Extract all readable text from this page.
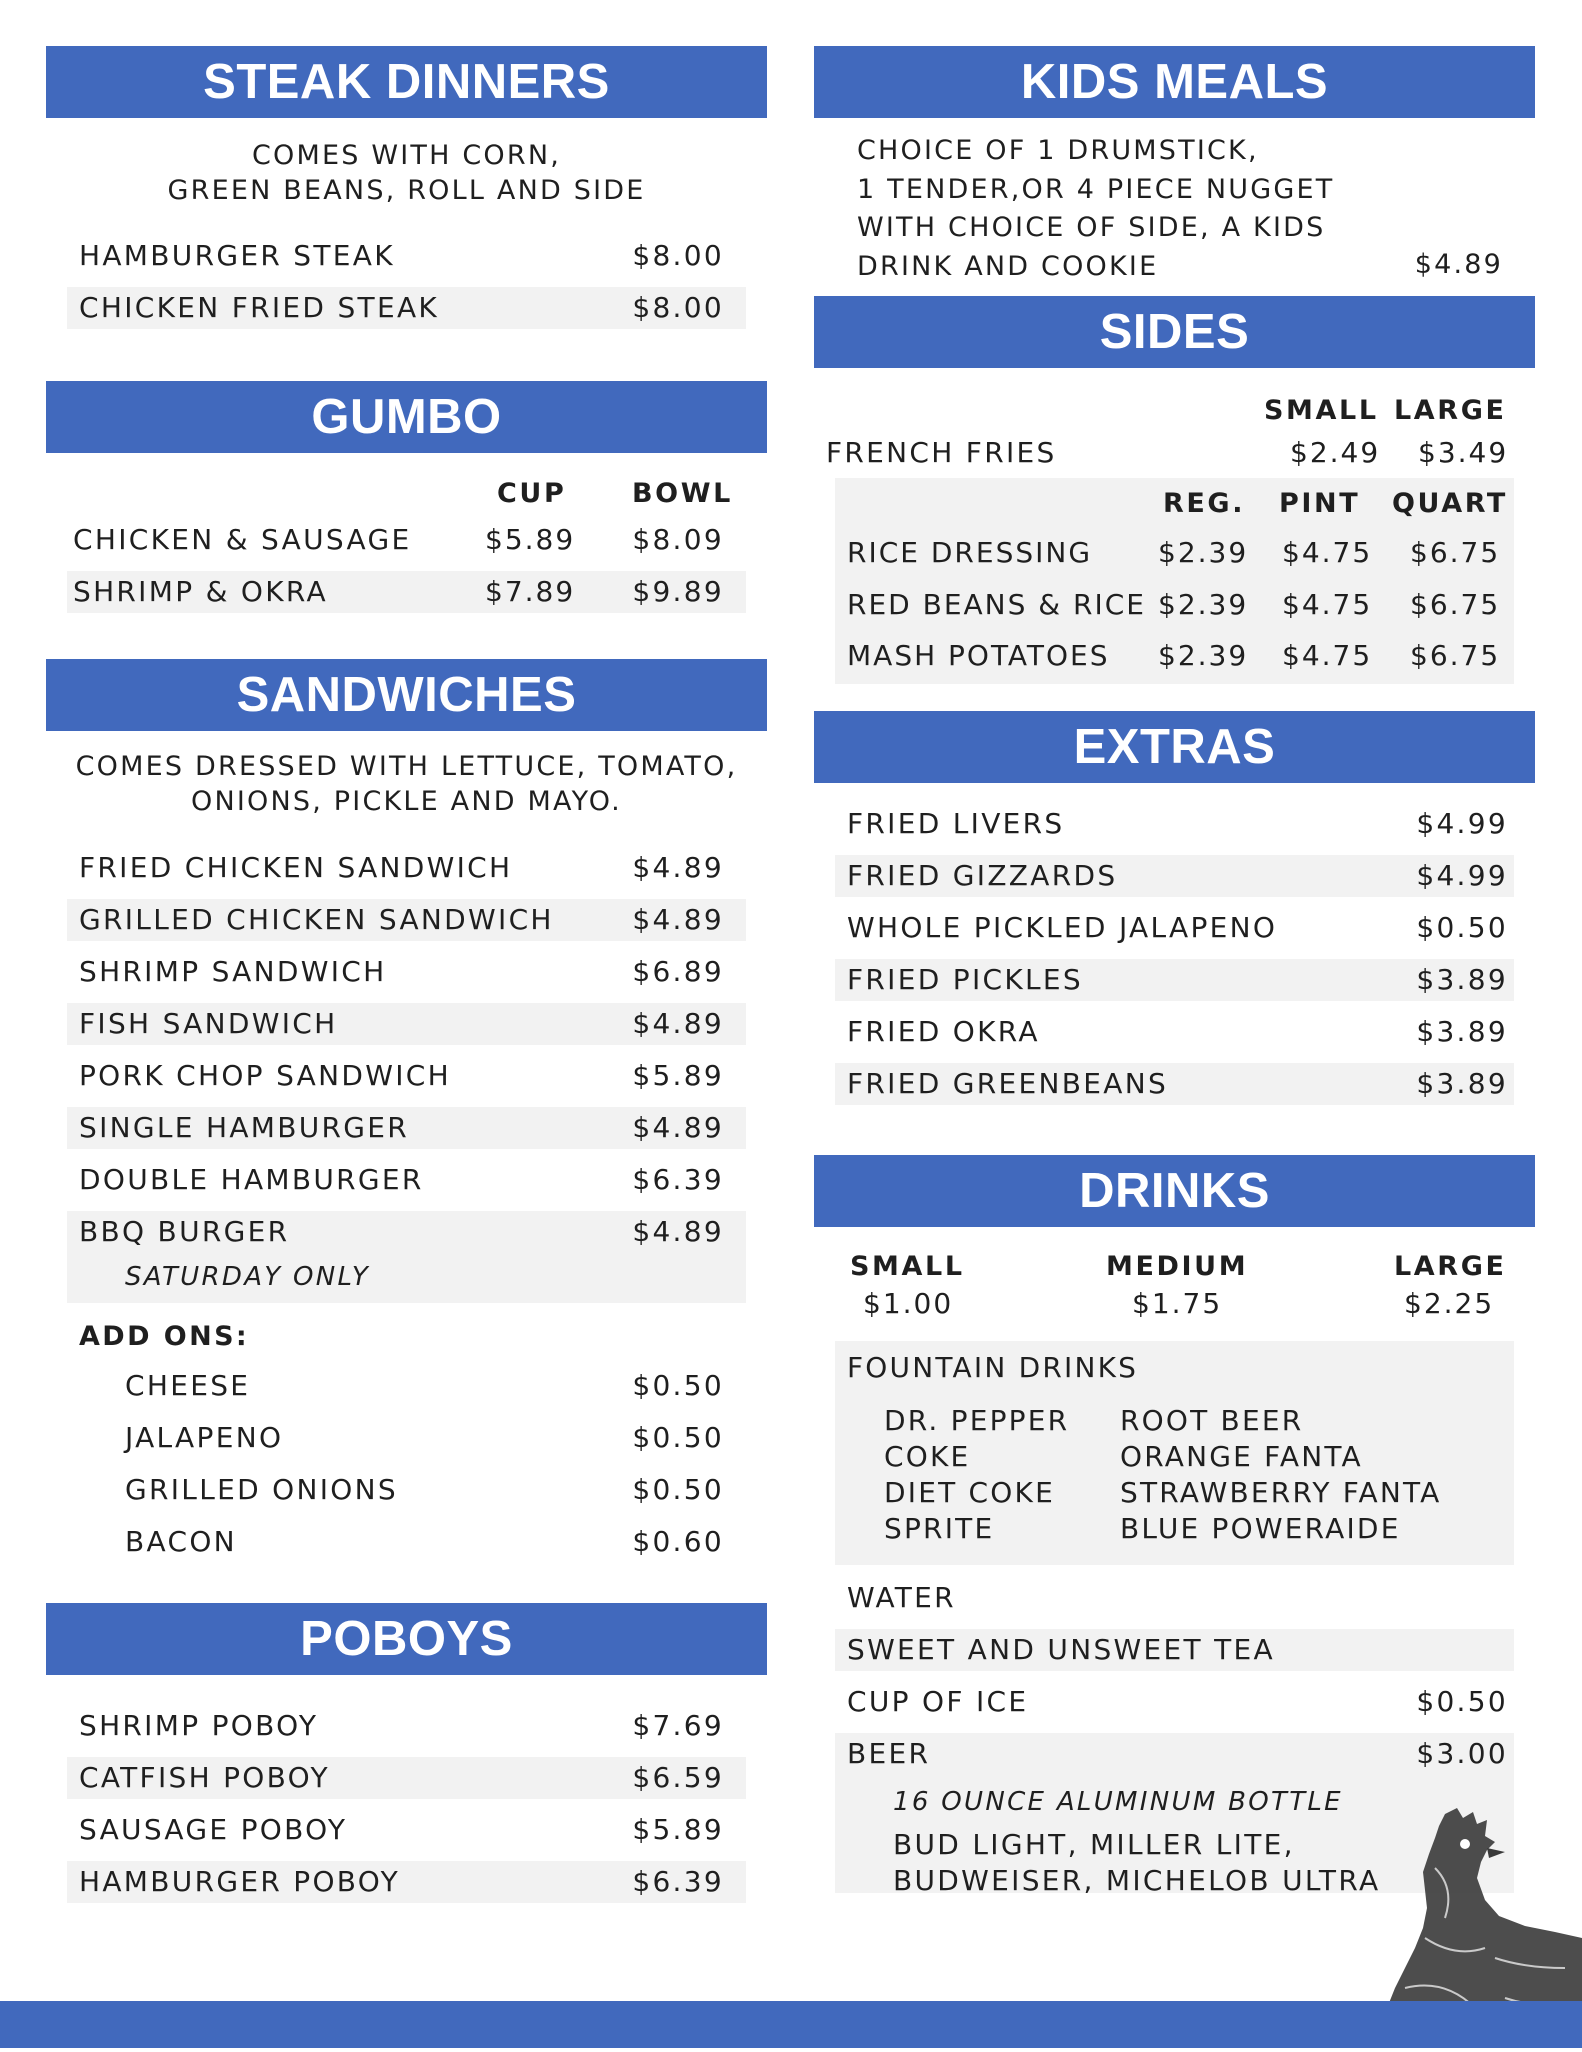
STEAK DINNERS
COMES WITH CORN,
GREEN BEANS, ROLL AND SIDE
HAMBURGER STEAK	$8.00
CHICKEN FRIED STEAK	$8.00
GUMBO
CUP BOWL
CHICKEN & SAUSAGE	$5.89 $8.09
SHRIMP & OKRA	$7.89 $9.89
SANDWICHES
COMES DRESSED WITH LETTUCE, TOMATO,
ONIONS, PICKLE AND MAYO.
FRIED CHICKEN SANDWICH	$4.89
GRILLED CHICKEN SANDWICH	$4.89
SHRIMP SANDWICH	$6.89
FISH SANDWICH	$4.89
PORK CHOP SANDWICH	$5.89
SINGLE HAMBURGER	$4.89
DOUBLE HAMBURGER	$6.39
BBQ BURGER	$4.89
SATURDAY ONLY
ADD ONS:
CHEESE	$0.50
JALAPENO	$0.50
GRILLED ONIONS	$0.50
BACON	$0.60
POBOYS
SHRIMP POBOY	$7.69
CATFISH POBOY	$6.59
SAUSAGE POBOY	$5.89
HAMBURGER POBOY	$6.39
KIDS MEALS
CHOICE OF 1 DRUMSTICK,
1 TENDER,OR 4 PIECE NUGGET
WITH CHOICE OF SIDE, A KIDS
DRINK AND COOKIE	$4.89
SIDES
SMALL LARGE
FRENCH FRIES	$2.49 $3.49
REG. PINT QUART
RICE DRESSING $2.39 $4.75 $6.75
RED BEANS & RICE $2.39 $4.75 $6.75
MASH POTATOES $2.39 $4.75 $6.75
EXTRAS
FRIED LIVERS	$4.99
FRIED GIZZARDS	$4.99
WHOLE PICKLED JALAPENO	$0.50
FRIED PICKLES	$3.89
FRIED OKRA	$3.89
FRIED GREENBEANS	$3.89
DRINKS
SMALL	MEDIUM	LARGE
$1.00	$1.75	$2.25
FOUNTAIN DRINKS
DR. PEPPER
COKE
DIET COKE
SPRITE
ROOT BEER
ORANGE FANTA
STRAWBERRY FANTA
BLUE POWERAIDE
WATER
SWEET AND UNSWEET TEA
CUP OF ICE	$0.50
BEER	$3.00
16 OUNCE ALUMINUM BOTTLE
BUD LIGHT, MILLER LITE,
BUDWEISER, MICHELOB ULTRA
